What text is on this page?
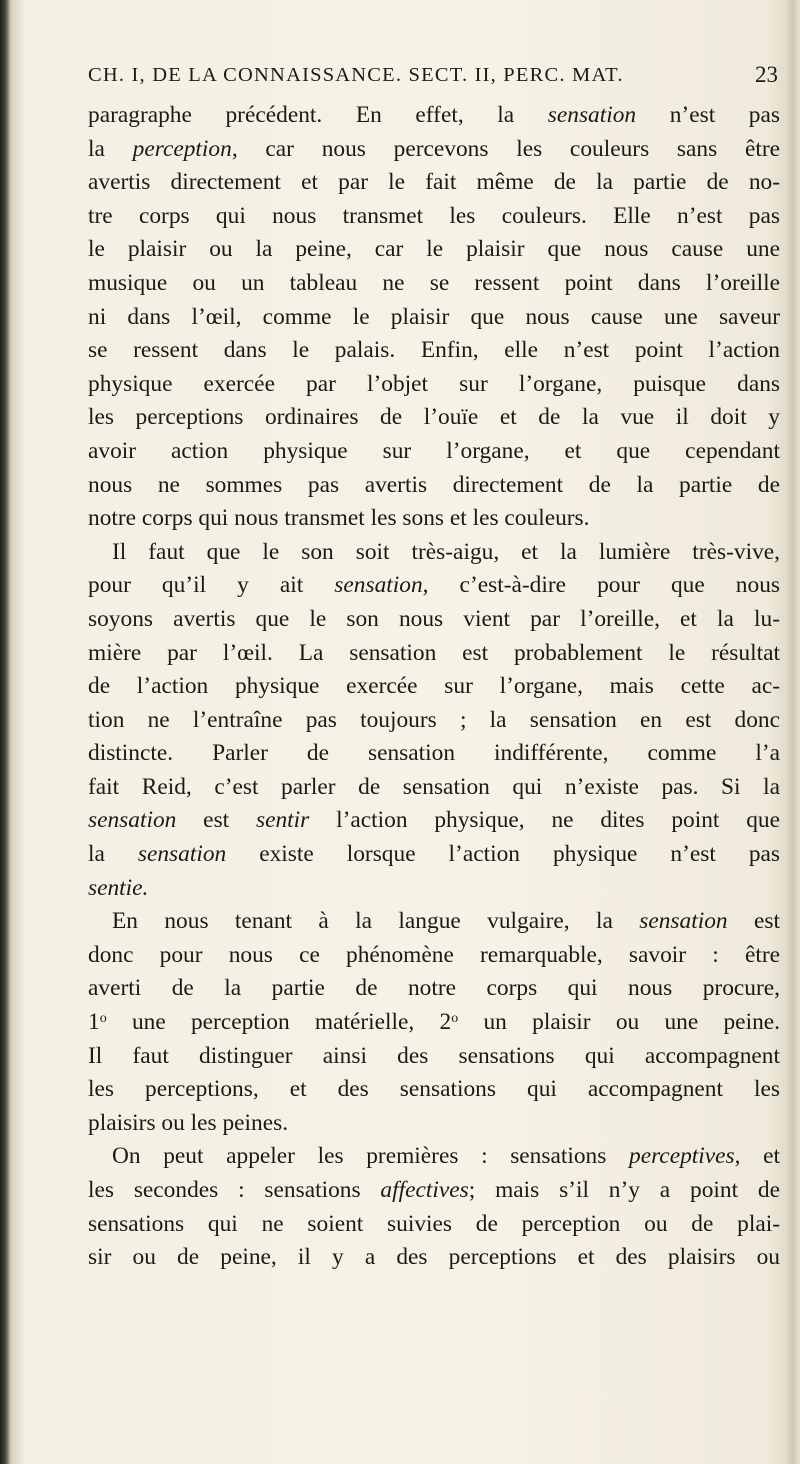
CH. I, DE LA CONNAISSANCE. SECT. II, PERC. MAT.	23
paragraphe précédent. En effet, la sensation n’est pas
la perception, car nous percevons les couleurs sans être
avertis directement et par le fait même de la partie de no-
tre corps qui nous transmet les couleurs. Elle n’est pas
le plaisir ou la peine, car le plaisir que nous cause une
musique ou un tableau ne se ressent point dans l’oreille
ni dans l’œil, comme le plaisir que nous cause une saveur
se ressent dans le palais. Enfin, elle n’est point l’action
physique exercée par l’objet sur l’organe, puisque dans
les perceptions ordinaires de l’ouïe et de la vue il doit y
avoir action physique sur l’organe, et que cependant
nous ne sommes pas avertis directement de la partie de
notre corps qui nous transmet les sons et les couleurs.
Il faut que le son soit très-aigu, et la lumière très-vive,
pour qu’il y ait sensation, c’est-à-dire pour que nous
soyons avertis que le son nous vient par l’oreille, et la lu-
mière par l’œil. La sensation est probablement le résultat
de l’action physique exercée sur l’organe, mais cette ac-
tion ne l’entraîne pas toujours ; la sensation en est donc
distincte. Parler de sensation indifférente, comme l’a
fait Reid, c’est parler de sensation qui n’existe pas. Si la
sensation est sentir l’action physique, ne dites point que
la sensation existe lorsque l’action physique n’est pas
sentie.
En nous tenant à la langue vulgaire, la sensation est
donc pour nous ce phénomène remarquable, savoir : être
averti de la partie de notre corps qui nous procure,
1$^o$ une perception matérielle, 2$^o$ un plaisir ou une peine.
Il faut distinguer ainsi des sensations qui accompagnent
les perceptions, et des sensations qui accompagnent les
plaisirs ou les peines.
On peut appeler les premières : sensations perceptives, et
les secondes : sensations affectives; mais s’il n’y a point de
sensations qui ne soient suivies de perception ou de plai-
sir ou de peine, il y a des perceptions et des plaisirs ou
